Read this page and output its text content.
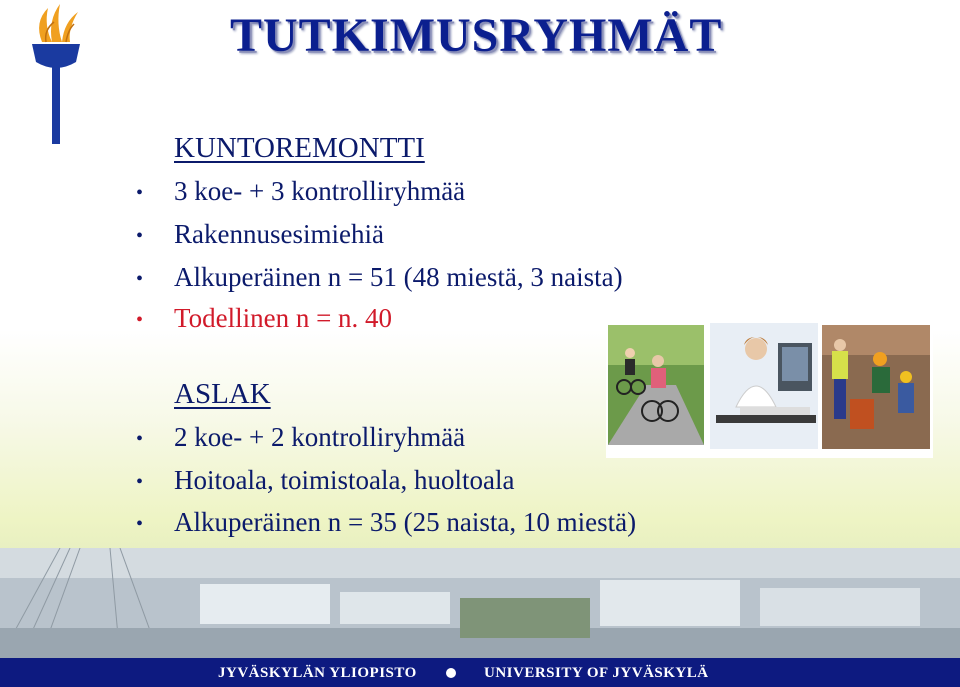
TUTKIMUSRYHMÄT
KUNTOREMONTTI
• 3 koe- + 3 kontrolliryhmää
• Rakennusesimiehiä
• Alkuperäinen n = 51 (48 miestä, 3 naista)
• Todellinen n = n. 40
ASLAK
• 2 koe- + 2 kontrolliryhmää
• Hoitoala, toimistoala, huoltoala
• Alkuperäinen n = 35 (25 naista, 10 miestä)
JYVÄSKYLÄN YLIOPISTO	UNIVERSITY OF JYVÄSKYLÄ
